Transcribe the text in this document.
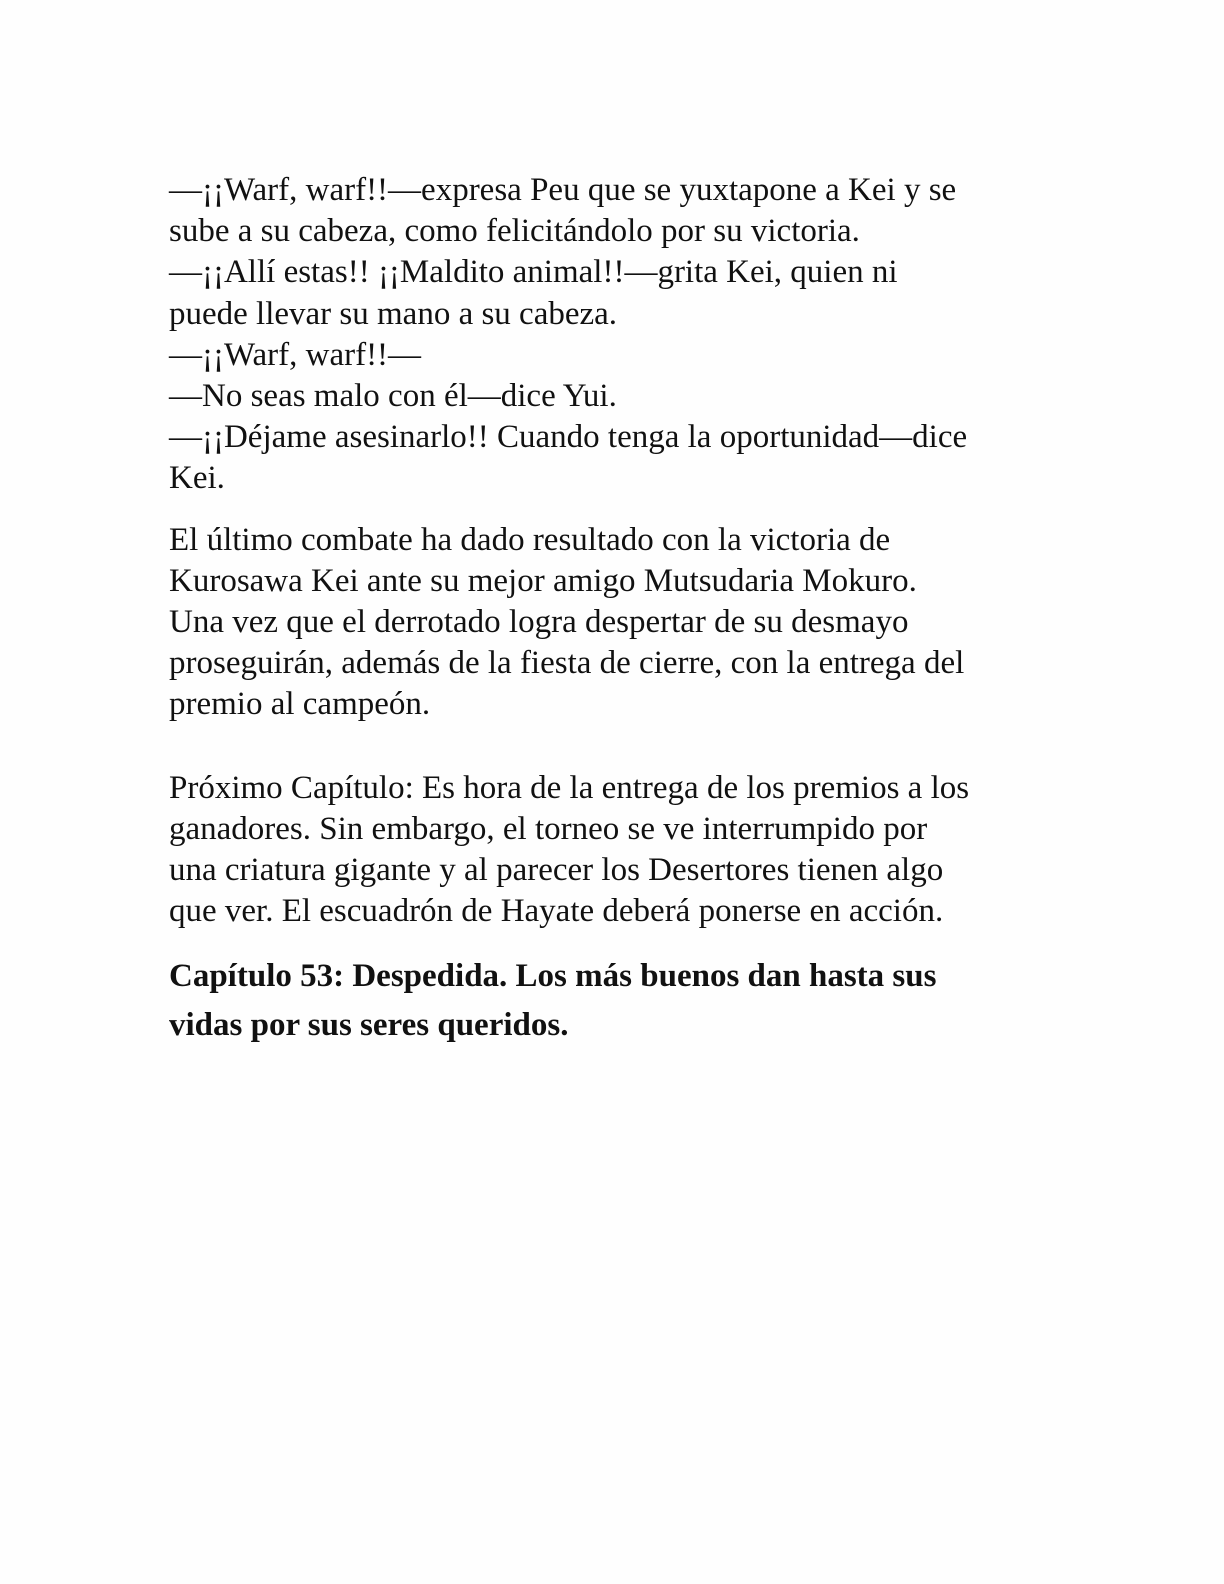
—¡¡Warf, warf!!—expresa Peu que se yuxtapone a Kei y se

sube a su cabeza, como felicitándolo por su victoria.

—¡¡Allí estas!! ¡¡Maldito animal!!—grita Kei, quien ni

puede llevar su mano a su cabeza.

—¡¡Warf, warf!!—

—No seas malo con él—dice Yui.

—¡¡Déjame asesinarlo!! Cuando tenga la oportunidad—dice

Kei.

El último combate ha dado resultado con la victoria de

Kurosawa Kei ante su mejor amigo Mutsudaria Mokuro.

Una vez que el derrotado logra despertar de su desmayo

proseguirán, además de la fiesta de cierre, con la entrega del

premio al campeón.

Próximo Capítulo: Es hora de la entrega de los premios a los

ganadores. Sin embargo, el torneo se ve interrumpido por

una criatura gigante y al parecer los Desertores tienen algo

que ver. El escuadrón de Hayate deberá ponerse en acción.

Capítulo 53: Despedida. Los más buenos dan hasta sus

vidas por sus seres queridos.
